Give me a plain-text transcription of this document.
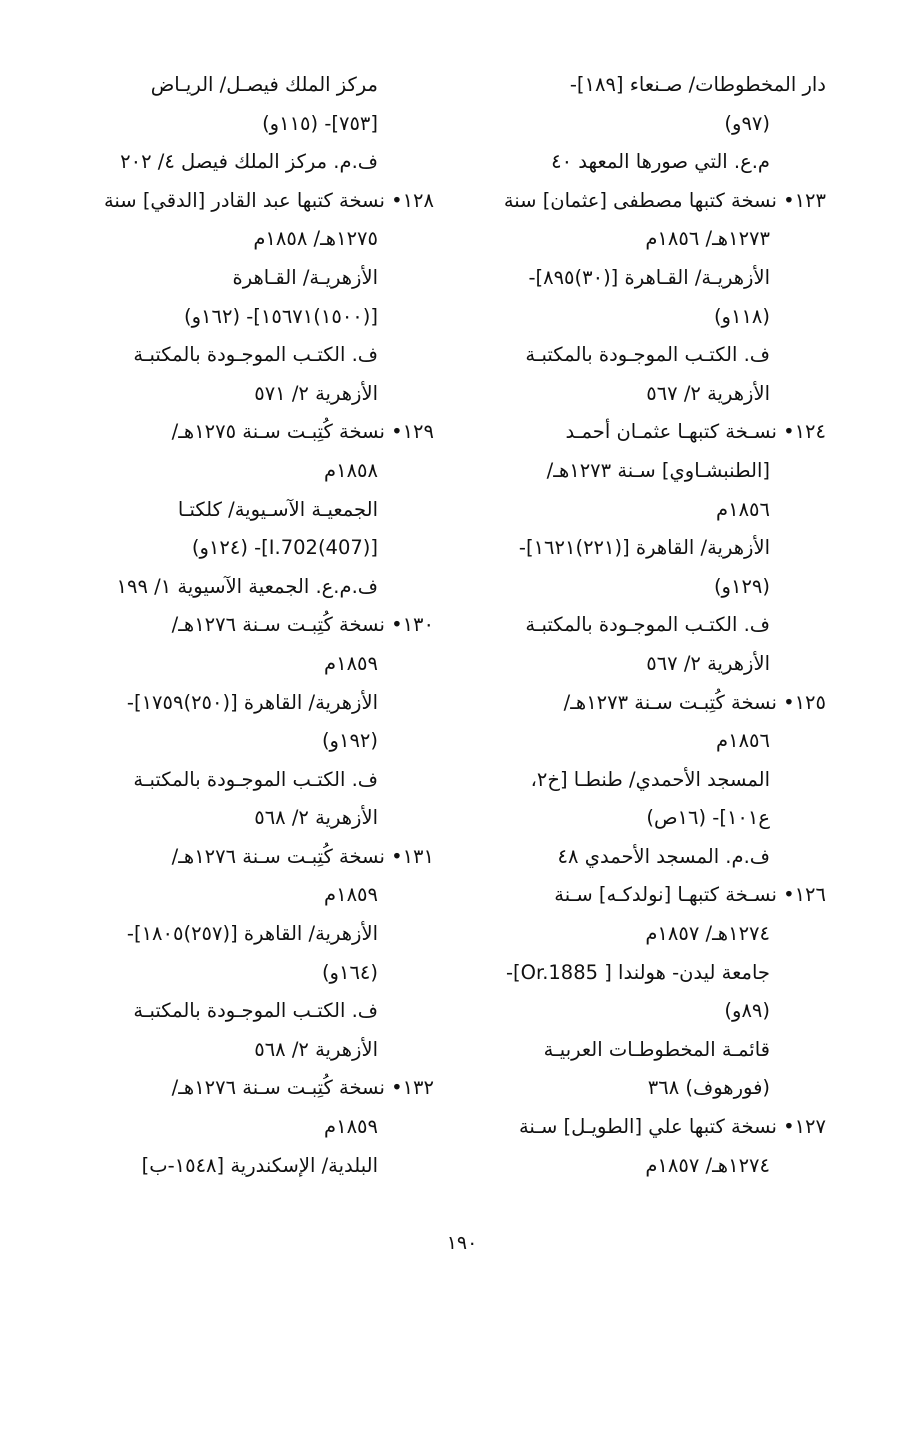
دار المخطوطات/ صـنعاء [١٨٩]-
(٩٧و)
م.ع. التي صورها المعهد ٤٠
١٢٣• نسخة كتبها مصطفى [عثمان] سنة
١٢٧٣هـ/ ١٨٥٦م
الأزهريـة/ القـاهرة [(٣٠)٨٩٥]-
(١١٨و)
ف. الكتـب الموجـودة بالمكتبـة
الأزهرية ٢/ ٥٦٧
١٢٤• نسـخة كتبهـا عثمـان أحمـد
[الطنبشـاوي] سـنة ١٢٧٣هـ/
١٨٥٦م
الأزهرية/ القاهرة [(٢٢١)١٦٢١]-
(١٢٩و)
ف. الكتـب الموجـودة بالمكتبـة
الأزهرية ٢/ ٥٦٧
١٢٥• نسخة كُتِبـت سـنة ١٢٧٣هـ/
١٨٥٦م
المسجد الأحمدي/ طنطـا [خ٢،
ع١٠١]- (١٦ص)
ف.م. المسجد الأحمدي ٤٨
١٢٦• نسـخة كتبهـا [نولدكـه] سـنة
١٢٧٤هـ/ ١٨٥٧م
جامعة ليدن- هولندا [ Or.1885]-
(٨٩و)
قائمـة المخطوطـات العربيـة
(فورهوف) ٣٦٨
١٢٧• نسخة كتبها علي [الطويـل] سـنة
١٢٧٤هـ/ ١٨٥٧م
مركز الملك فيصـل/ الريـاض
[٧٥٣]- (١١٥و)
ف.م. مركز الملك فيصل ٤/ ٢٠٢
١٢٨• نسخة كتبها عبد القادر [الدقي] سنة
١٢٧٥هـ/ ١٨٥٨م
الأزهريـة/ القـاهرة
[(١٥٠٠)١٥٦٧١]- (١٦٢و)
ف. الكتـب الموجـودة بالمكتبـة
الأزهرية ٢/ ٥٧١
١٢٩• نسخة كُتِبـت سـنة ١٢٧٥هـ/
١٨٥٨م
الجمعيـة الآسـيوية/ كلكتـا
[I.702(407)]- (١٢٤و)
ف.م.ع. الجمعية الآسيوية ١/ ١٩٩
١٣٠• نسخة كُتِبـت سـنة ١٢٧٦هـ/
١٨٥٩م
الأزهرية/ القاهرة [(٢٥٠)١٧٥٩]-
(١٩٢و)
ف. الكتـب الموجـودة بالمكتبـة
الأزهرية ٢/ ٥٦٨
١٣١• نسخة كُتِبـت سـنة ١٢٧٦هـ/
١٨٥٩م
الأزهرية/ القاهرة [(٢٥٧)١٨٠٥]-
(١٦٤و)
ف. الكتـب الموجـودة بالمكتبـة
الأزهرية ٢/ ٥٦٨
١٣٢• نسخة كُتِبـت سـنة ١٢٧٦هـ/
١٨٥٩م
البلدية/ الإسكندرية [١٥٤٨-ب]
١٩٠
